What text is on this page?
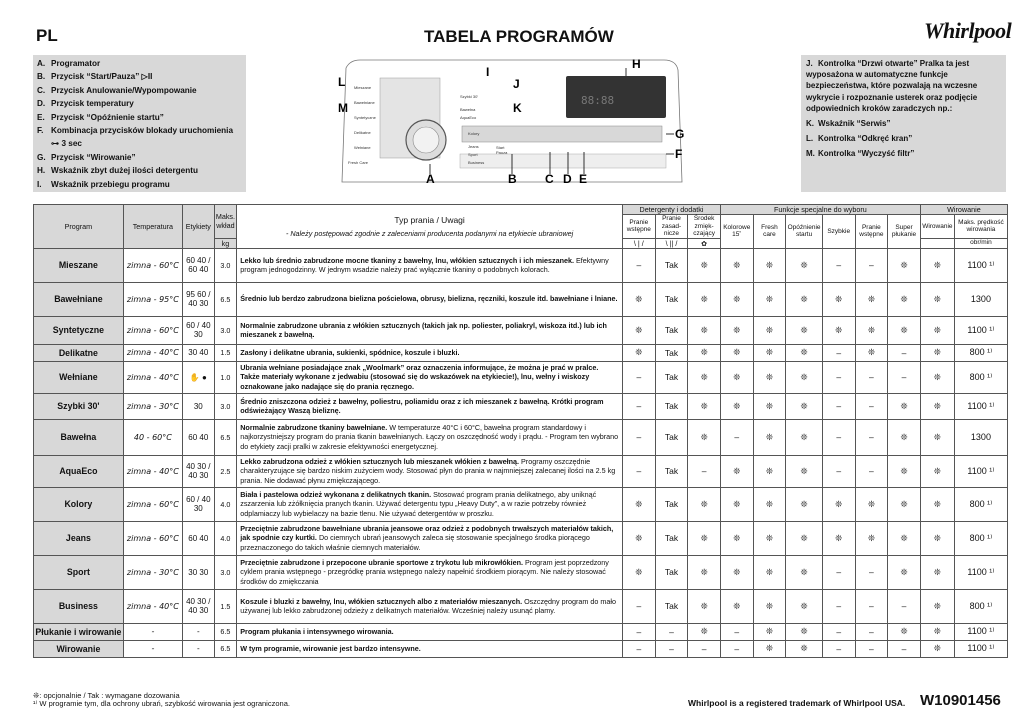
PL	TABELA PROGRAMÓW	Whirlpool
A. Programator
B. Przycisk “Start/Pauza” ▷II
C. Przycisk Anulowanie/Wypompowanie
D. Przycisk temperatury
E. Przycisk “Opóźnienie startu”
F. Kombinacja przycisków blokady uruchomienia
⊶ 3 sec
G. Przycisk “Wirowanie”
H. Wskaźnik zbyt dużej ilości detergentu
I. Wskaźnik przebiegu programu
J. Kontrolka “Drzwi otwarte” Pralka ta jest wyposażona w automatyczne funkcje bezpieczeństwa, które pozwalają na wczesne wykrycie i rozpoznanie usterek oraz podjęcie odpowiednich kroków zaradczych np.:
K. Wskaźnik “Serwis”
L. Kontrolka “Odkręć kran”
M. Kontrolka “Wyczyść filtr”
88:88
Mieszane
Bawełniane
Syntetyczne
Delikatne
Wełniane
Fresh Care
Szybki 30'
Bawełna
AquaEco
Kolory
Jeans
Sport
Business
Start
Pauza
A	B C D E
G
F
H
I
J
K
L
M
Program	Temperatura	Etykiety	Maks. wkład	Typ prania / Uwagi
- Należy postępować zgodnie z zaleceniami producenta podanymi na etykiecie ubraniowej	Detergenty i dodatki			Funkcje specjalne do wyboru						Wirowanie	
					Pranie wstępne	Pranie zasad-nicze	Środek zmięk-czający	Kolorowe 15˚	Fresh care	Opóźnienie startu	Szybkie	Pranie wstępne	Super płukanie	Wirowanie	Maks. prędkość wirowania
			kg		\ | /	\ || /	✿								obr/min
Mieszane	zimna - 60°C	60 40 / 60 40	3.0	Lekko lub średnio zabrudzone mocne tkaniny z bawełny, lnu, włókien sztucznych i ich mieszanek. Efektywny program jednogodzinny. W jednym wsadzie należy prać wyłącznie tkaniny o podobnych kolorach.	–	Tak	❊	❊	❊	❊	–	–	❊	❊	1100 ¹⁾
Bawełniane	zimna - 95°C	95 60 / 40 30	6.5	Średnio lub berdzo zabrudzona bielizna pościelowa, obrusy, bielizna, ręczniki, koszule itd. bawełniane i lniane.	❊	Tak	❊	❊	❊	❊	❊	❊	❊	❊	1300
Syntetyczne	zimna - 60°C	60 / 40 30	3.0	Normalnie zabrudzone ubrania z włókien sztucznych (takich jak np. poliester, poliakryl, wiskoza itd.) lub ich mieszanek z bawełną.	❊	Tak	❊	❊	❊	❊	❊	❊	❊	❊	1100 ¹⁾
Delikatne	zimna - 40°C	30 40	1.5	Zasłony i delikatne ubrania, sukienki, spódnice, koszule i bluzki.	❊	Tak	❊	❊	❊	❊	–	❊	–	❊	800 ¹⁾
Wełniane	zimna - 40°C	✋ ●	1.0	Ubrania wełniane posiadające znak „Woolmark” oraz oznaczenia informujące, że można je prać w pralce. Także materiały wykonane z jedwabiu (stosować się do wskazówek na etykiecie!), lnu, wełny i wiskozy oznakowane jako nadające się do prania ręcznego.	–	Tak	❊	❊	❊	❊	–	–	–	❊	800 ¹⁾
Szybki 30'	zimna - 30°C	30	3.0	Średnio zniszczona odzież z bawełny, poliestru, poliamidu oraz z ich mieszanek z bawełną. Krótki program odświeżający Waszą bieliznę.	–	Tak	❊	❊	❊	❊	–	–	❊	❊	1100 ¹⁾
Bawełna	40 - 60°C	60 40	6.5	Normalnie zabrudzone tkaniny bawełniane. W temperaturze 40°C i 60°C, bawełna program standardowy i najkorzystniejszy program do prania tkanin bawełnianych. Łączy on oszczędność wody i prądu. - Program ten wybrano do etykiety zacji pralki w zakresie efektywności energetycznej.	–	Tak	❊	–	❊	❊	–	–	❊	❊	1300
AquaEco	zimna - 40°C	40 30 / 40 30	2.5	Lekko zabrudzona odzież z włókien sztucznych lub mieszanek włókien z bawełną. Programy oszczędnie charakteryzujące się bardzo niskim zużyciem wody. Stosować płyn do prania w najmniejszej zalecanej ilości na 2.5 kg prania. Nie dodawać płynu zmiękczającego.	–	Tak	–	❊	❊	❊	–	–	❊	❊	1100 ¹⁾
Kolory	zimna - 60°C	60 / 40 30	4.0	Biała i pastelowa odzież wykonana z delikatnych tkanin. Stosować program prania delikatnego, aby uniknąć zszarzenia lub zżółknięcia pranych tkanin. Używać detergentu typu „Heavy Duty”, a w razie potrzeby również odplamiaczy lub wybielaczy na bazie tlenu. Nie używać detergentów w proszku.	❊	Tak	❊	❊	❊	❊	❊	❊	❊	❊	800 ¹⁾
Jeans	zimna - 60°C	60 40	4.0	Przeciętnie zabrudzone bawełniane ubrania jeansowe oraz odzież z podobnych trwałszych materiałów takich, jak spodnie czy kurtki. Do ciemnych ubrań jeansowych zaleca się stosowanie specjalnego środka piorącego przeznaczonego do takich właśnie ciemnych materiałów.	❊	Tak	❊	❊	❊	❊	❊	❊	❊	❊	800 ¹⁾
Sport	zimna - 30°C	30 30	3.0	Przeciętnie zabrudzone i przepocone ubranie sportowe z trykotu lub mikrowłókien. Program jest poprzedzony cyklem prania wstępnego - przegródkę prania wstępnego należy napełnić środkiem piorącym. Nie należy stosować środków do zmiękczania	❊	Tak	❊	❊	❊	❊	–	–	❊	❊	1100 ¹⁾
Business	zimna - 40°C	40 30 / 40 30	1.5	Koszule i bluzki z bawełny, lnu, włókien sztucznych albo z materiałów mieszanych. Oszczędny program do mało używanej lub lekko zabrudzonej odzieży z delikatnych materiałów. Wcześniej należy usunąć plamy.	–	Tak	❊	❊	❊	❊	–	–	–	❊	800 ¹⁾
Płukanie i wirowanie	-	-	6.5	Program płukania i intensywnego wirowania.	–	–	❊	–	❊	❊	–	–	❊	❊	1100 ¹⁾
Wirowanie	-	-	6.5	W tym programie, wirowanie jest bardzo intensywne.	–	–	–	–	❊	❊	–	–	–	❊	1100 ¹⁾
❊: opcjonalnie / Tak : wymagane dozowania
¹⁾ W programie tym, dla ochrony ubrań, szybkość wirowania jest ograniczona.	Whirlpool is a registered trademark of Whirlpool USA. W10901456
